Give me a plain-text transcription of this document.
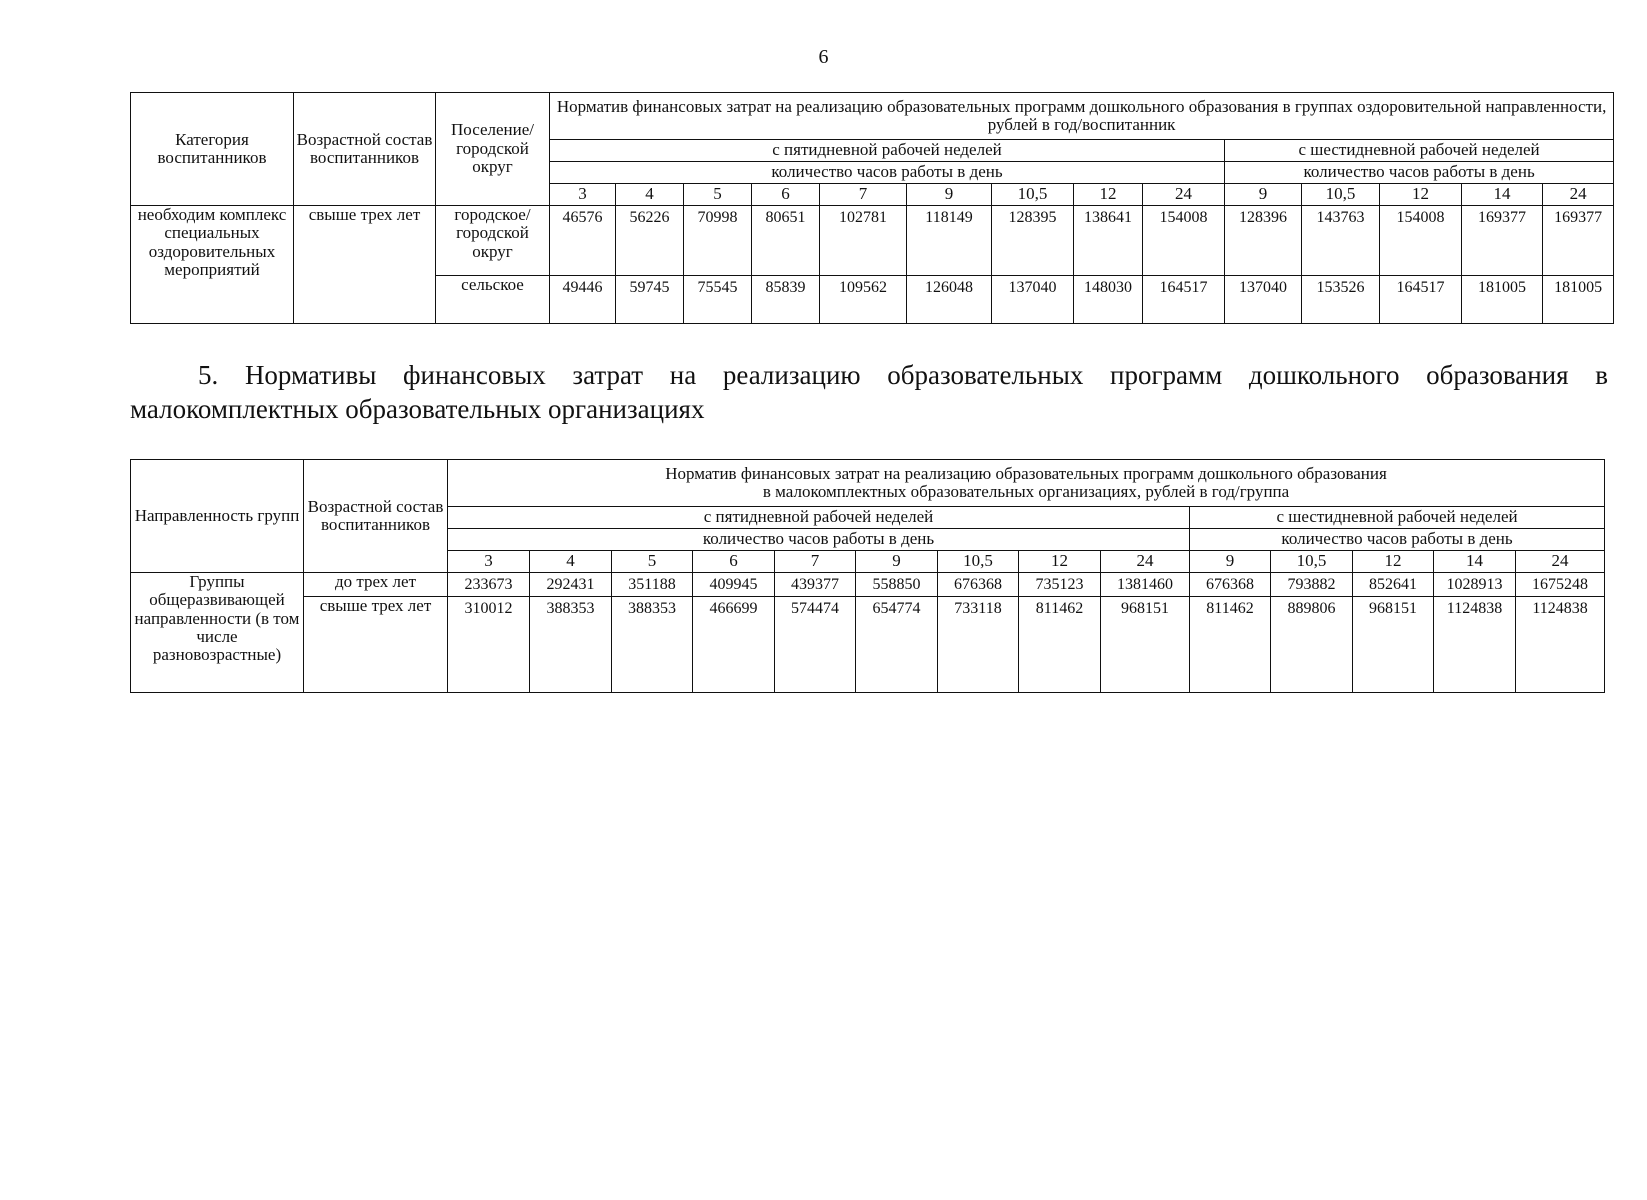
6
Категория воспитанников	Возрастной состав воспитанников	Поселение/ городской округ	Норматив финансовых затрат на реализацию образовательных программ дошкольного образования в группах оздоровительной направленности, рублей в год/воспитанник													
			с пятидневной рабочей неделей									с шестидневной рабочей неделей				
			количество часов работы в день									количество часов работы в день				
			3	4	5	6	7	9	10,5	12	24	9	10,5	12	14	24
необходим комплекс специальных оздоровительных мероприятий	свыше трех лет	городское/ городской округ	46576	56226	70998	80651	102781	118149	128395	138641	154008	128396	143763	154008	169377	169377
		сельское	49446	59745	75545	85839	109562	126048	137040	148030	164517	137040	153526	164517	181005	181005
5. Нормативы финансовых затрат на реализацию образовательных программ дошкольного образования в
малокомплектных образовательных организациях
Направленность групп	Возрастной состав воспитанников	Норматив финансовых затрат на реализацию образовательных программ дошкольного образования
в малокомплектных образовательных организациях, рублей в год/группа													

		с пятидневной рабочей неделей									с шестидневной рабочей неделей				
		количество часов работы в день									количество часов работы в день				
		3	4	5	6	7	9	10,5	12	24	9	10,5	12	14	24
Группы общеразвивающей направленности (в том числе разновозрастные)	до трех лет	233673	292431	351188	409945	439377	558850	676368	735123	1381460	676368	793882	852641	1028913	1675248
	свыше трех лет	310012	388353	388353	466699	574474	654774	733118	811462	968151	811462	889806	968151	1124838	1124838
